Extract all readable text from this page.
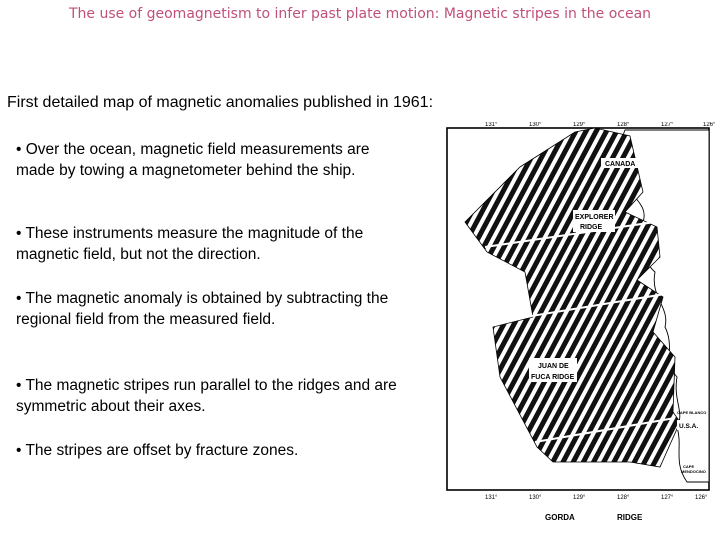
The use of geomagnetism to infer past plate motion: Magnetic stripes in the ocean
First detailed map of magnetic anomalies published in 1961:
• Over the ocean, magnetic field measurements are made by towing a magnetometer behind the ship.
• These instruments measure the magnitude of the magnetic field, but not the direction.
• The magnetic anomaly is obtained by subtracting the regional field from the measured field.
• The magnetic stripes run parallel to the ridges and are symmetric about their axes.
• The stripes are offset by fracture zones.
CANADA
EXPLORER
RIDGE
JUAN DE
FUCA RIDGE
U.S.A.
CAPE BLANCO
CAPE
MENDOCINO
131°	130°	129°	128°	127°	126°
131°	130°	129°	128°	127°	126°
GORDA	RIDGE
